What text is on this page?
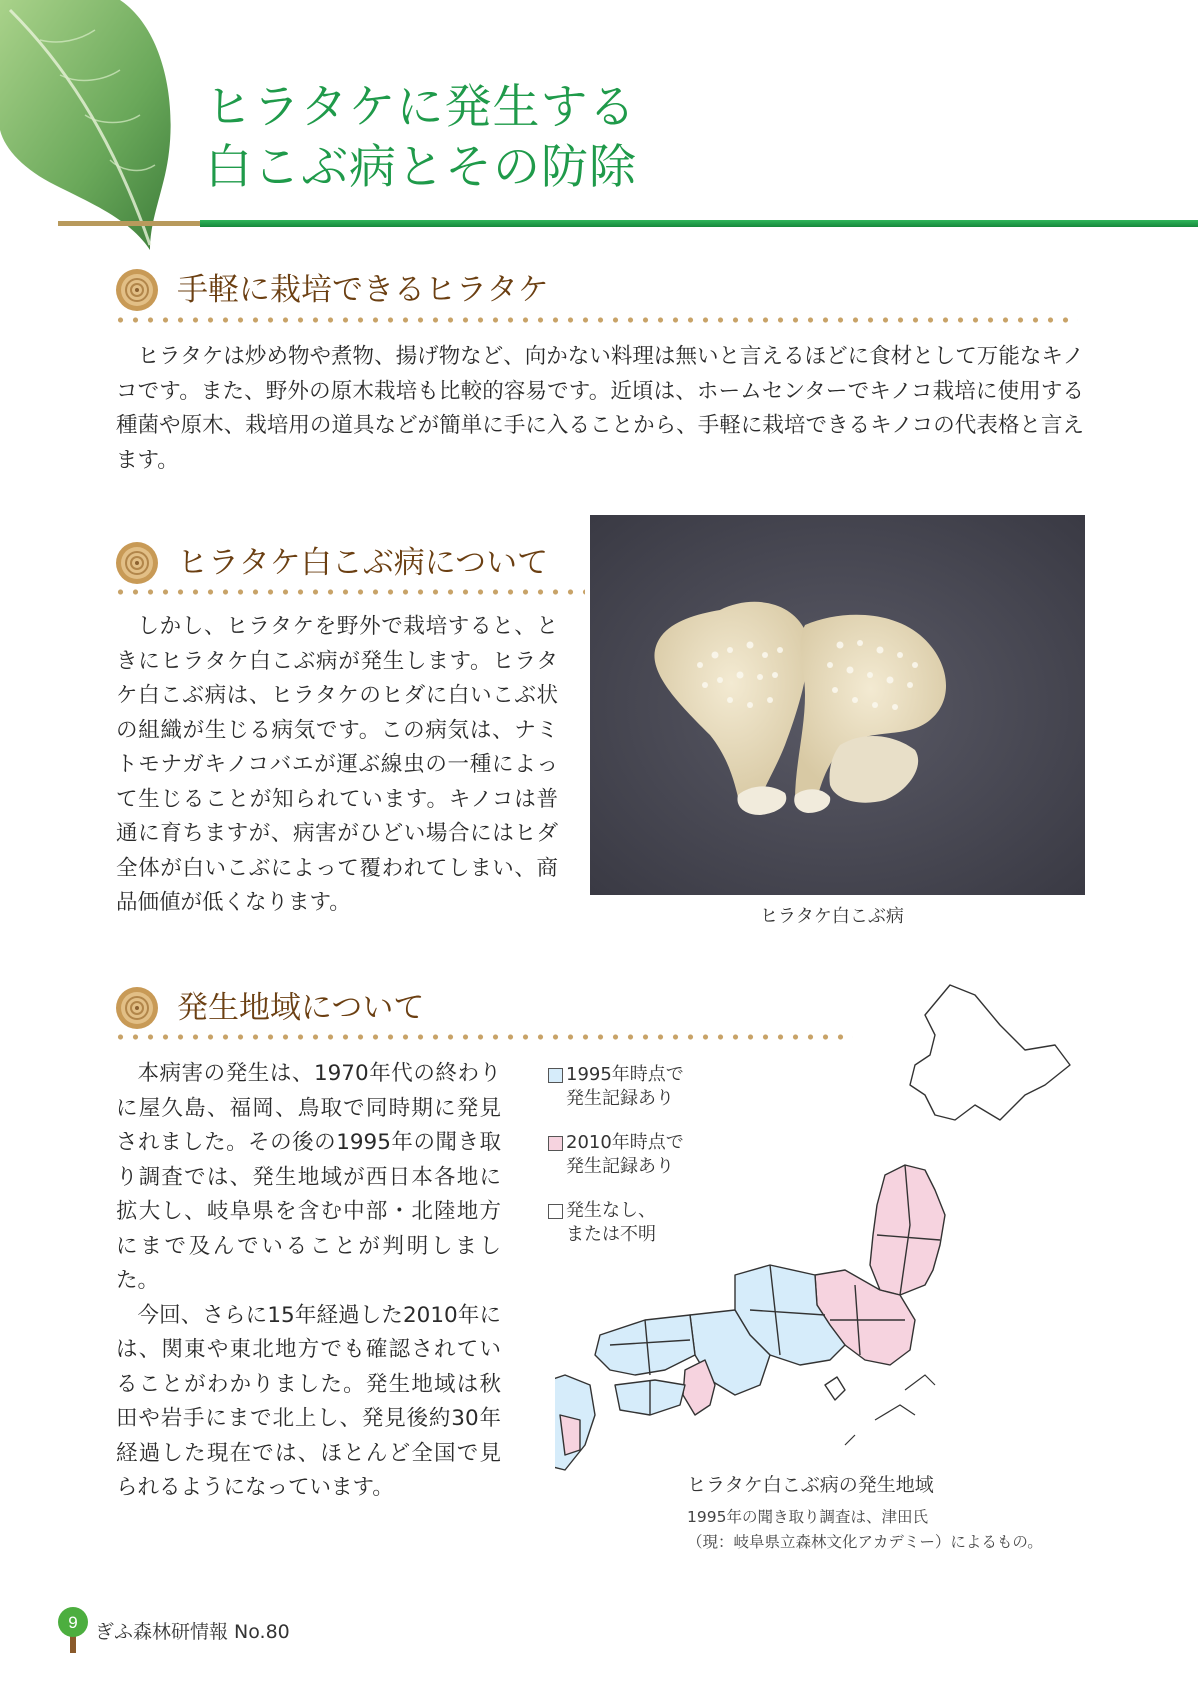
ヒラタケに発生する
白こぶ病とその防除
手軽に栽培できるヒラタケ

ヒラタケは炒め物や煮物、揚げ物など、向かない料理は無いと言えるほどに食材として万能なキノコです。また、野外の原木栽培も比較的容易です。近頃は、ホームセンターでキノコ栽培に使用する種菌や原木、栽培用の道具などが簡単に手に入ることから、手軽に栽培できるキノコの代表格と言えます。

ヒラタケ白こぶ病について

しかし、ヒラタケを野外で栽培すると、ときにヒラタケ白こぶ病が発生します。ヒラタケ白こぶ病は、ヒラタケのヒダに白いこぶ状の組織が生じる病気です。この病気は、ナミトモナガキノコバエが運ぶ線虫の一種によって生じることが知られています。キノコは普通に育ちますが、病害がひどい場合にはヒダ全体が白いこぶによって覆われてしまい、商品価値が低くなります。

ヒラタケ白こぶ病
発生地域について

本病害の発生は、1970年代の終わりに屋久島、福岡、鳥取で同時期に発見されました。その後の1995年の聞き取り調査では、発生地域が西日本各地に拡大し、岐阜県を含む中部・北陸地方にまで及んでいることが判明しました。

今回、さらに15年経過した2010年には、関東や東北地方でも確認されていることがわかりました。発生地域は秋田や岩手にまで北上し、発見後約30年経過した現在では、ほとんど全国で見られるようになっています。

1995年時点で
発生記録あり
2010年時点で
発生記録あり
発生なし、
または不明
ヒラタケ白こぶ病の発生地域
1995年の聞き取り調査は、津田氏
（現：岐阜県立森林文化アカデミー）によるもの。
9 ぎふ森林研情報 No.80
